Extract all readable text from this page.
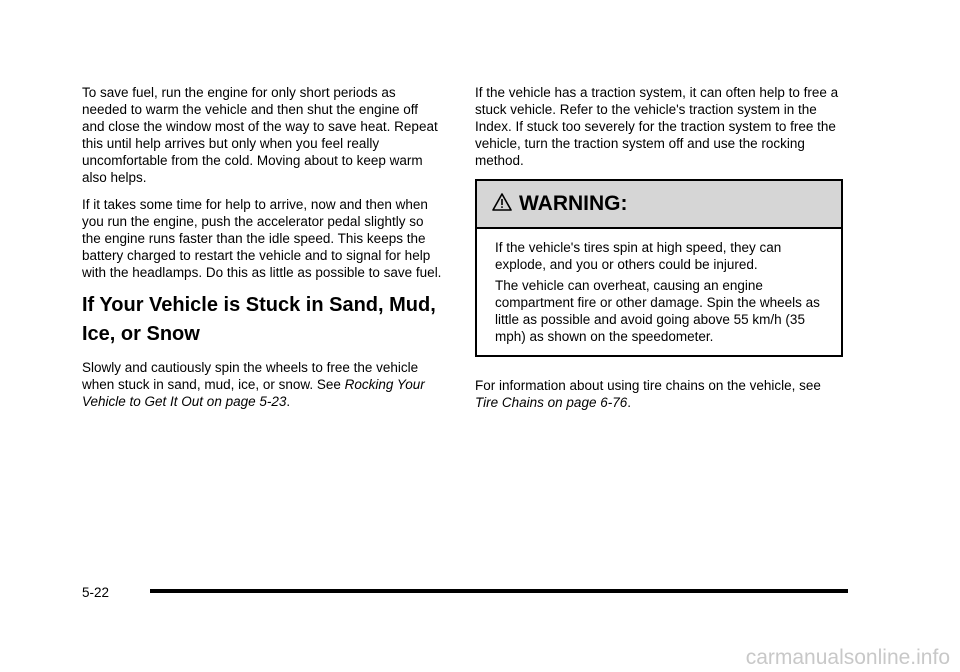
To save fuel, run the engine for only short periods as needed to warm the vehicle and then shut the engine off and close the window most of the way to save heat. Repeat this until help arrives but only when you feel really uncomfortable from the cold. Moving about to keep warm also helps.

If it takes some time for help to arrive, now and then when you run the engine, push the accelerator pedal slightly so the engine runs faster than the idle speed. This keeps the battery charged to restart the vehicle and to signal for help with the headlamps. Do this as little as possible to save fuel.

If Your Vehicle is Stuck in Sand, Mud, Ice, or Snow

Slowly and cautiously spin the wheels to free the vehicle when stuck in sand, mud, ice, or snow. See Rocking Your Vehicle to Get It Out on page 5-23.

If the vehicle has a traction system, it can often help to free a stuck vehicle. Refer to the vehicle's traction system in the Index. If stuck too severely for the traction system to free the vehicle, turn the traction system off and use the rocking method.

WARNING:

If the vehicle's tires spin at high speed, they can explode, and you or others could be injured.

The vehicle can overheat, causing an engine compartment fire or other damage. Spin the wheels as little as possible and avoid going above 55 km/h (35 mph) as shown on the speedometer.

For information about using tire chains on the vehicle, see Tire Chains on page 6-76.

5-22
carmanualsonline.info
